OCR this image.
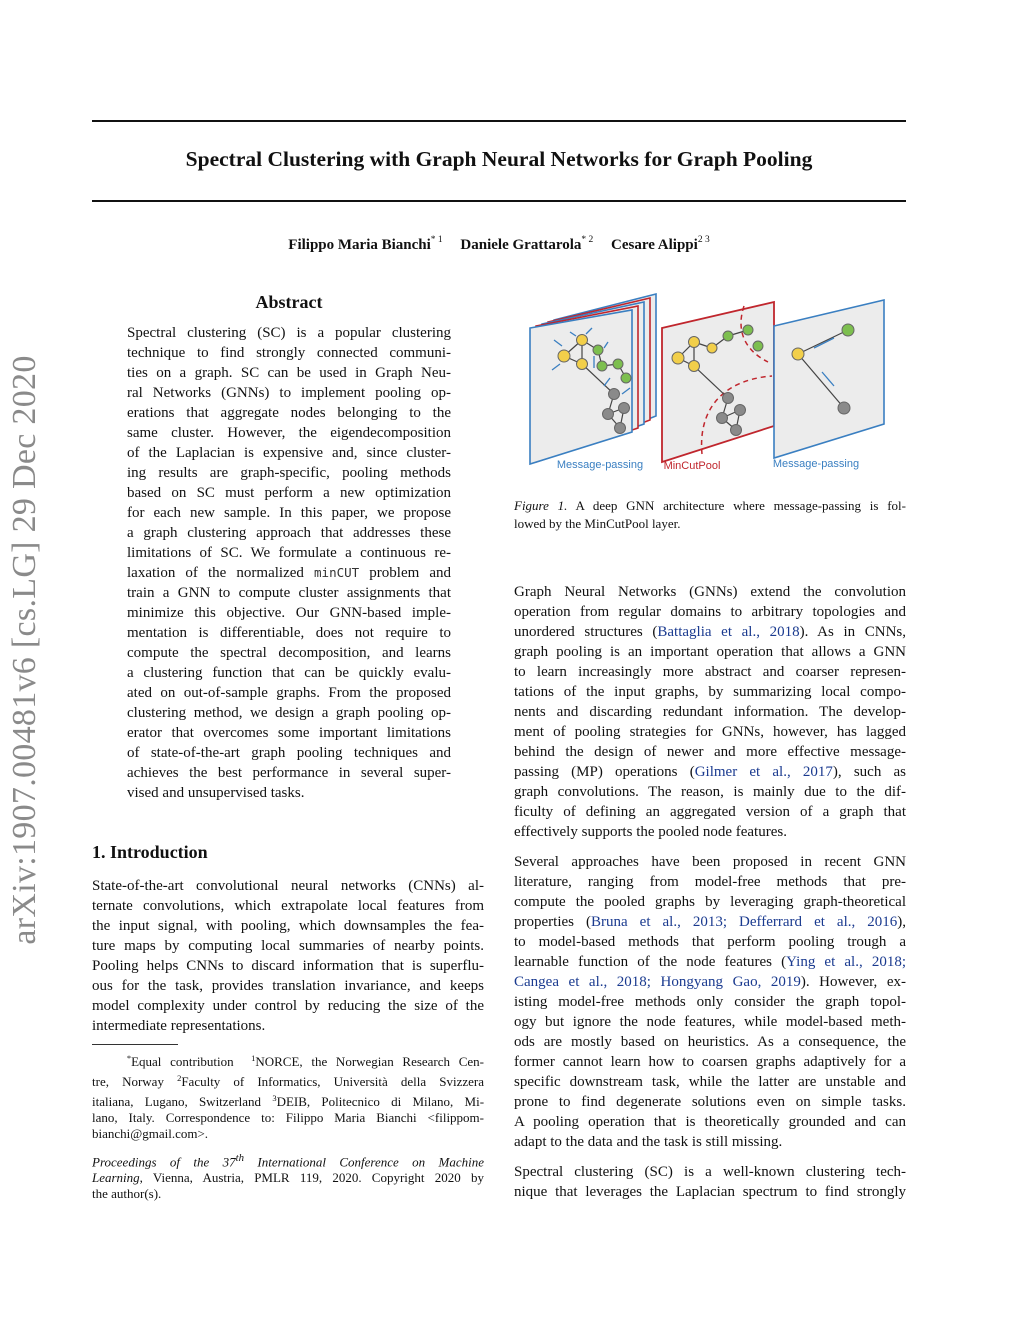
Spectral Clustering with Graph Neural Networks for Graph Pooling
Filippo Maria Bianchi$^{* 1}$ Daniele Grattarola$^{* 2}$ Cesare Alippi$^{2 3}$
arXiv:1907.00481v6 [cs.LG] 29 Dec 2020
Abstract
Spectral clustering (SC) is a popular clustering
technique to find strongly connected communi-
ties on a graph. SC can be used in Graph Neu-
ral Networks (GNNs) to implement pooling op-
erations that aggregate nodes belonging to the
same cluster. However, the eigendecomposition
of the Laplacian is expensive and, since cluster-
ing results are graph-specific, pooling methods
based on SC must perform a new optimization
for each new sample. In this paper, we propose
a graph clustering approach that addresses these
limitations of SC. We formulate a continuous re-
laxation of the normalized minCUT problem and
train a GNN to compute cluster assignments that
minimize this objective. Our GNN-based imple-
mentation is differentiable, does not require to
compute the spectral decomposition, and learns
a clustering function that can be quickly evalu-
ated on out-of-sample graphs. From the proposed
clustering method, we design a graph pooling op-
erator that overcomes some important limitations
of state-of-the-art graph pooling techniques and
achieves the best performance in several super-
vised and unsupervised tasks.
1. Introduction
State-of-the-art convolutional neural networks (CNNs) al-
ternate convolutions, which extrapolate local features from
the input signal, with pooling, which downsamples the fea-
ture maps by computing local summaries of nearby points.
Pooling helps CNNs to discard information that is superflu-
ous for the task, provides translation invariance, and keeps
model complexity under control by reducing the size of the
intermediate representations.
*Equal contribution $^1$NORCE, the Norwegian Research Cen-
tre, Norway $^2$Faculty of Informatics, Università della Svizzera
italiana, Lugano, Switzerland $^3$DEIB, Politecnico di Milano, Mi-
lano, Italy. Correspondence to: Filippo Maria Bianchi <filippom-
bianchi@gmail.com>.
Proceedings of the 37th International Conference on Machine
Learning, Vienna, Austria, PMLR 119, 2020. Copyright 2020 by
the author(s).
Message-passing MinCutPool	Message-passing
Figure 1. A deep GNN architecture where message-passing is fol-
lowed by the MinCutPool layer.
Graph Neural Networks (GNNs) extend the convolution
operation from regular domains to arbitrary topologies and
unordered structures (Battaglia et al., 2018). As in CNNs,
graph pooling is an important operation that allows a GNN
to learn increasingly more abstract and coarser represen-
tations of the input graphs, by summarizing local compo-
nents and discarding redundant information. The develop-
ment of pooling strategies for GNNs, however, has lagged
behind the design of newer and more effective message-
passing (MP) operations (Gilmer et al., 2017), such as
graph convolutions. The reason, is mainly due to the dif-
ficulty of defining an aggregated version of a graph that
effectively supports the pooled node features.
Several approaches have been proposed in recent GNN
literature, ranging from model-free methods that pre-
compute the pooled graphs by leveraging graph-theoretical
properties (Bruna et al., 2013; Defferrard et al., 2016),
to model-based methods that perform pooling trough a
learnable function of the node features (Ying et al., 2018;
Cangea et al., 2018; Hongyang Gao, 2019). However, ex-
isting model-free methods only consider the graph topol-
ogy but ignore the node features, while model-based meth-
ods are mostly based on heuristics. As a consequence, the
former cannot learn how to coarsen graphs adaptively for a
specific downstream task, while the latter are unstable and
prone to find degenerate solutions even on simple tasks.
A pooling operation that is theoretically grounded and can
adapt to the data and the task is still missing.
Spectral clustering (SC) is a well-known clustering tech-
nique that leverages the Laplacian spectrum to find strongly
